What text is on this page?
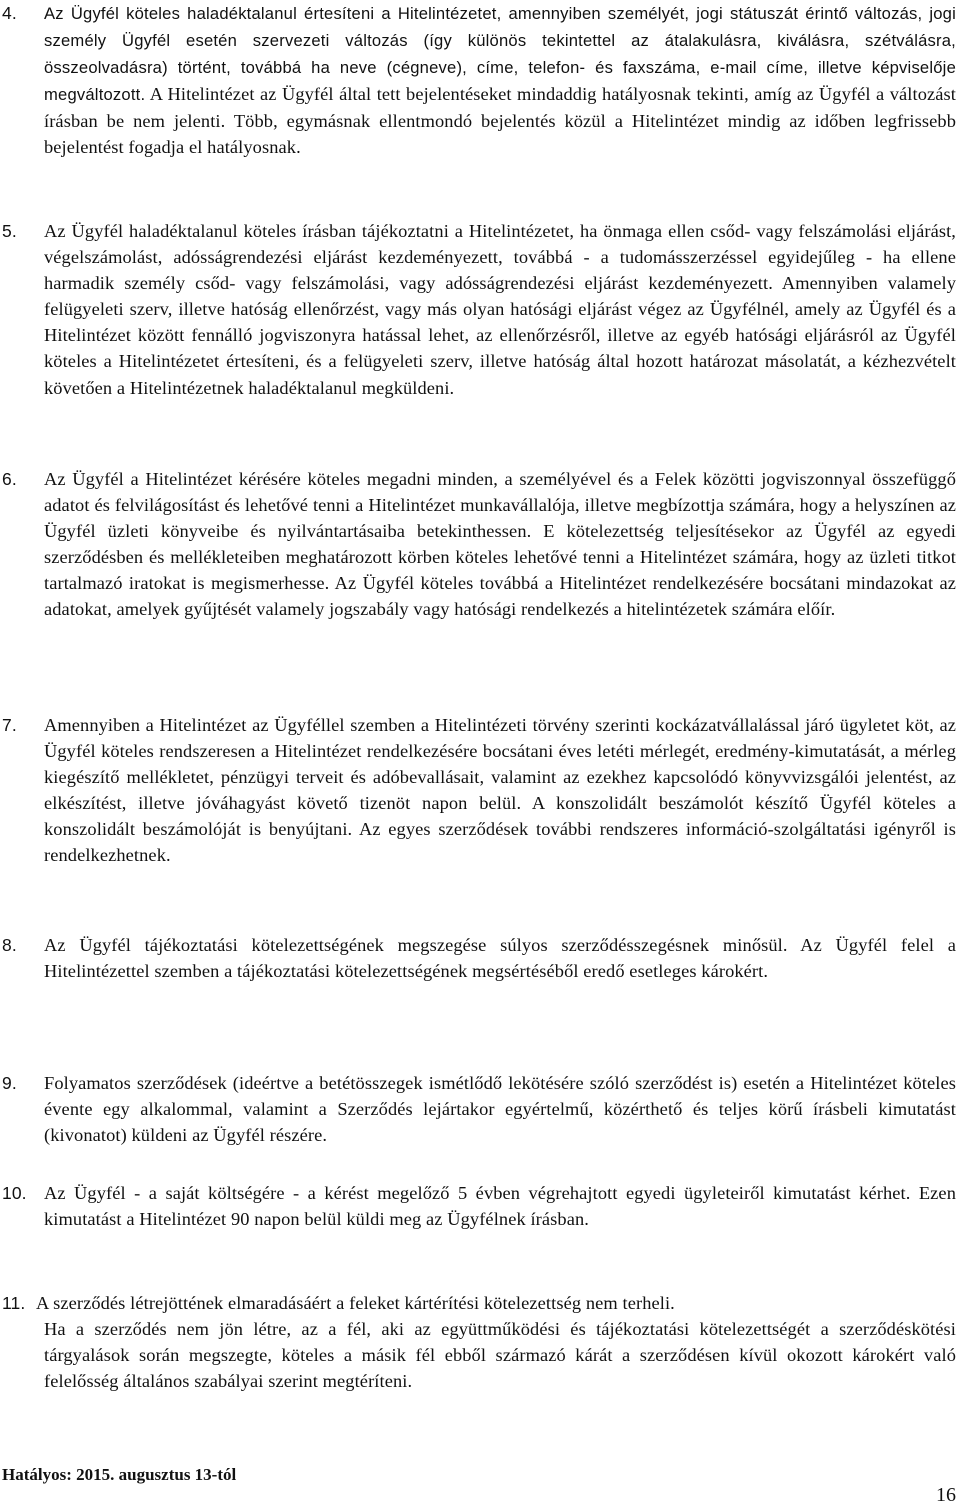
4. Az Ügyfél köteles haladéktalanul értesíteni a Hitelintézetet, amennyiben személyét, jogi státuszát érintő változás, jogi személy Ügyfél esetén szervezeti változás (így különös tekintettel az átalakulásra, kiválásra, szétválásra, összeolvadásra) történt, továbbá ha neve (cégneve), címe, telefon- és faxszáma, e-mail címe, illetve képviselője megváltozott. A Hitelintézet az Ügyfél által tett bejelentéseket mindaddig hatályosnak tekinti, amíg az Ügyfél a változást írásban be nem jelenti. Több, egymásnak ellentmondó bejelentés közül a Hitelintézet mindig az időben legfrissebb bejelentést fogadja el hatályosnak.
5. Az Ügyfél haladéktalanul köteles írásban tájékoztatni a Hitelintézetet, ha önmaga ellen csőd- vagy felszámolási eljárást, végelszámolást, adósságrendezési eljárást kezdeményezett, továbbá - a tudomásszerzéssel egyidejűleg - ha ellene harmadik személy csőd- vagy felszámolási, vagy adósságrendezési eljárást kezdeményezett. Amennyiben valamely felügyeleti szerv, illetve hatóság ellenőrzést, vagy más olyan hatósági eljárást végez az Ügyfélnél, amely az Ügyfél és a Hitelintézet között fennálló jogviszonyra hatással lehet, az ellenőrzésről, illetve az egyéb hatósági eljárásról az Ügyfél köteles a Hitelintézetet értesíteni, és a felügyeleti szerv, illetve hatóság által hozott határozat másolatát, a kézhezvételt követően a Hitelintézetnek haladéktalanul megküldeni.
6. Az Ügyfél a Hitelintézet kérésére köteles megadni minden, a személyével és a Felek közötti jogviszonnyal összefüggő adatot és felvilágosítást és lehetővé tenni a Hitelintézet munkavállalója, illetve megbízottja számára, hogy a helyszínen az Ügyfél üzleti könyveibe és nyilvántartásaiba betekinthessen. E kötelezettség teljesítésekor az Ügyfél az egyedi szerződésben és mellékleteiben meghatározott körben köteles lehetővé tenni a Hitelintézet számára, hogy az üzleti titkot tartalmazó iratokat is megismerhesse. Az Ügyfél köteles továbbá a Hitelintézet rendelkezésére bocsátani mindazokat az adatokat, amelyek gyűjtését valamely jogszabály vagy hatósági rendelkezés a hitelintézetek számára előír.
7. Amennyiben a Hitelintézet az Ügyféllel szemben a Hitelintézeti törvény szerinti kockázatvállalással járó ügyletet köt, az Ügyfél köteles rendszeresen a Hitelintézet rendelkezésére bocsátani éves letéti mérlegét, eredmény-kimutatását, a mérleg kiegészítő mellékletet, pénzügyi terveit és adóbevallásait, valamint az ezekhez kapcsolódó könyvvizsgálói jelentést, az elkészítést, illetve jóváhagyást követő tizenöt napon belül. A konszolidált beszámolót készítő Ügyfél köteles a konszolidált beszámolóját is benyújtani. Az egyes szerződések további rendszeres információ-szolgáltatási igényről is rendelkezhetnek.
8. Az Ügyfél tájékoztatási kötelezettségének megszegése súlyos szerződésszegésnek minősül. Az Ügyfél felel a Hitelintézettel szemben a tájékoztatási kötelezettségének megsértéséből eredő esetleges károkért.
9. Folyamatos szerződések (ideértve a betétösszegek ismétlődő lekötésére szóló szerződést is) esetén a Hitelintézet köteles évente egy alkalommal, valamint a Szerződés lejártakor egyértelmű, közérthető és teljes körű írásbeli kimutatást (kivonatot) küldeni az Ügyfél részére.
10. Az Ügyfél - a saját költségére - a kérést megelőző 5 évben végrehajtott egyedi ügyleteiről kimutatást kérhet. Ezen kimutatást a Hitelintézet 90 napon belül küldi meg az Ügyfélnek írásban.
11. A szerződés létrejöttének elmaradásáért a feleket kártérítési kötelezettség nem terheli.

Ha a szerződés nem jön létre, az a fél, aki az együttműködési és tájékoztatási kötelezettségét a szerződéskötési tárgyalások során megszegte, köteles a másik fél ebből származó kárát a szerződésen kívül okozott károkért való felelősség általános szabályai szerint megtéríteni.

Hatályos: 2015. augusztus 13-tól
16
